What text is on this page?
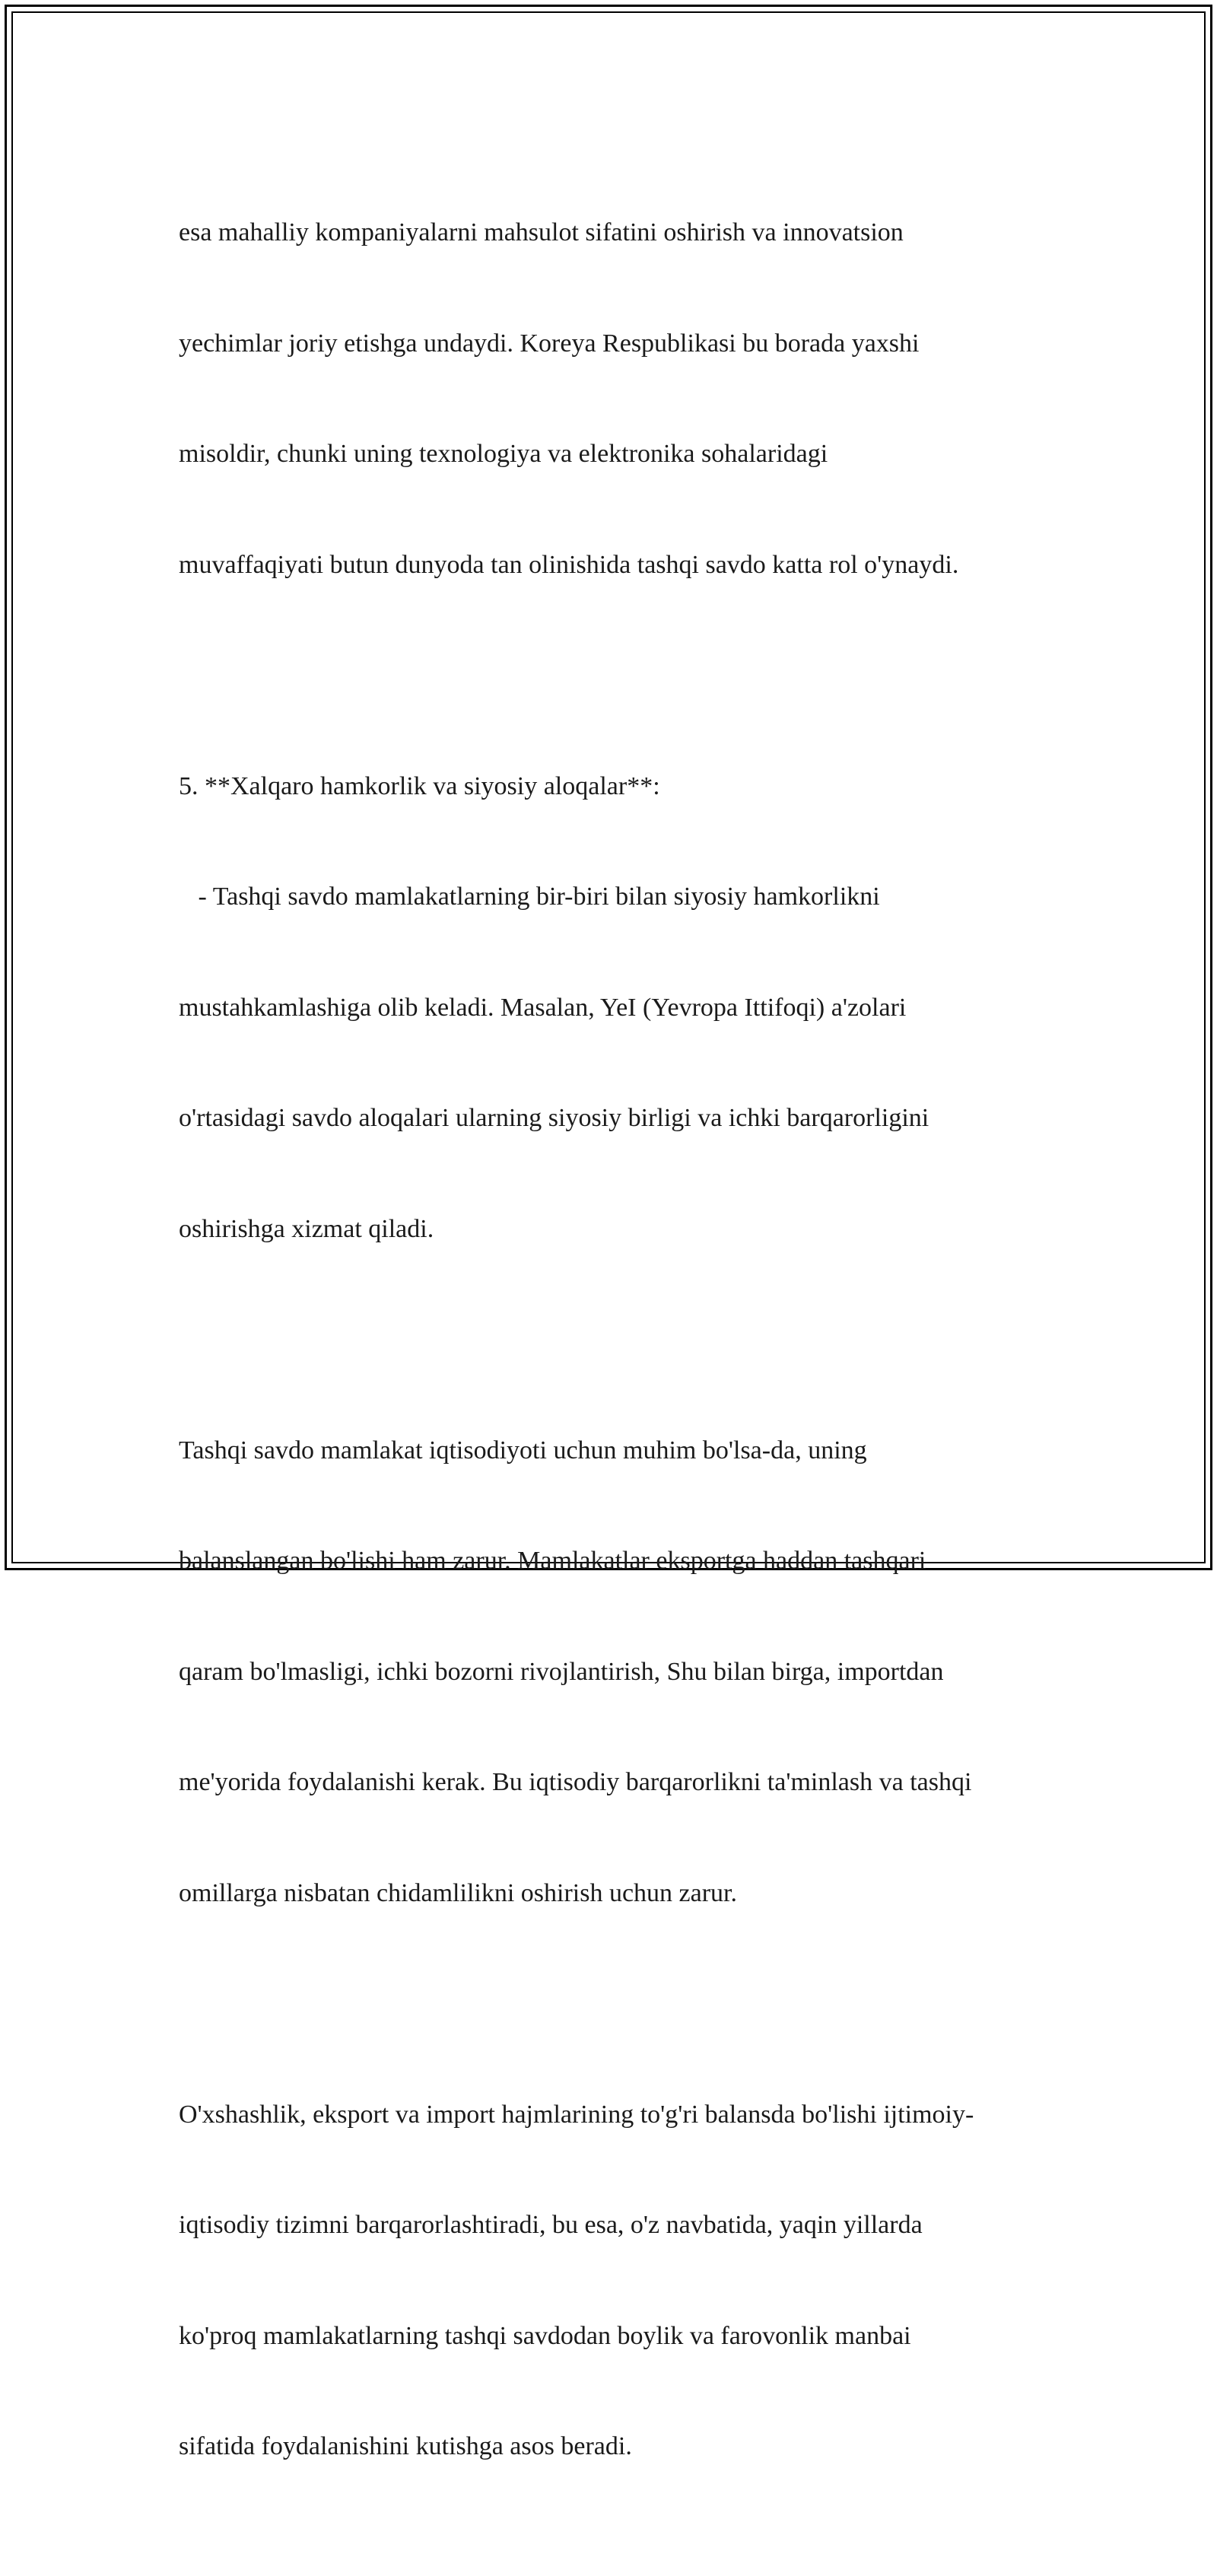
esa mahalliy kompaniyalarni mahsulot sifatini oshirish va innovatsion

yechimlar joriy etishga undaydi. Koreya Respublikasi bu borada yaxshi

misoldir, chunki uning texnologiya va elektronika sohalaridagi

muvaffaqiyati butun dunyoda tan olinishida tashqi savdo katta rol o'ynaydi.

5. **Xalqaro hamkorlik va siyosiy aloqalar**:

- Tashqi savdo mamlakatlarning bir-biri bilan siyosiy hamkorlikni

mustahkamlashiga olib keladi. Masalan, YeI (Yevropa Ittifoqi) a'zolari

o'rtasidagi savdo aloqalari ularning siyosiy birligi va ichki barqarorligini

oshirishga xizmat qiladi.

Tashqi savdo mamlakat iqtisodiyoti uchun muhim bo'lsa-da, uning

balanslangan bo'lishi ham zarur. Mamlakatlar eksportga haddan tashqari

qaram bo'lmasligi, ichki bozorni rivojlantirish, Shu bilan birga, importdan

me'yorida foydalanishi kerak. Bu iqtisodiy barqarorlikni ta'minlash va tashqi

omillarga nisbatan chidamlilikni oshirish uchun zarur.

O'xshashlik, eksport va import hajmlarining to'g'ri balansda bo'lishi ijtimoiy-

iqtisodiy tizimni barqarorlashtiradi, bu esa, o'z navbatida, yaqin yillarda

ko'proq mamlakatlarning tashqi savdodan boylik va farovonlik manbai

sifatida foydalanishini kutishga asos beradi.
